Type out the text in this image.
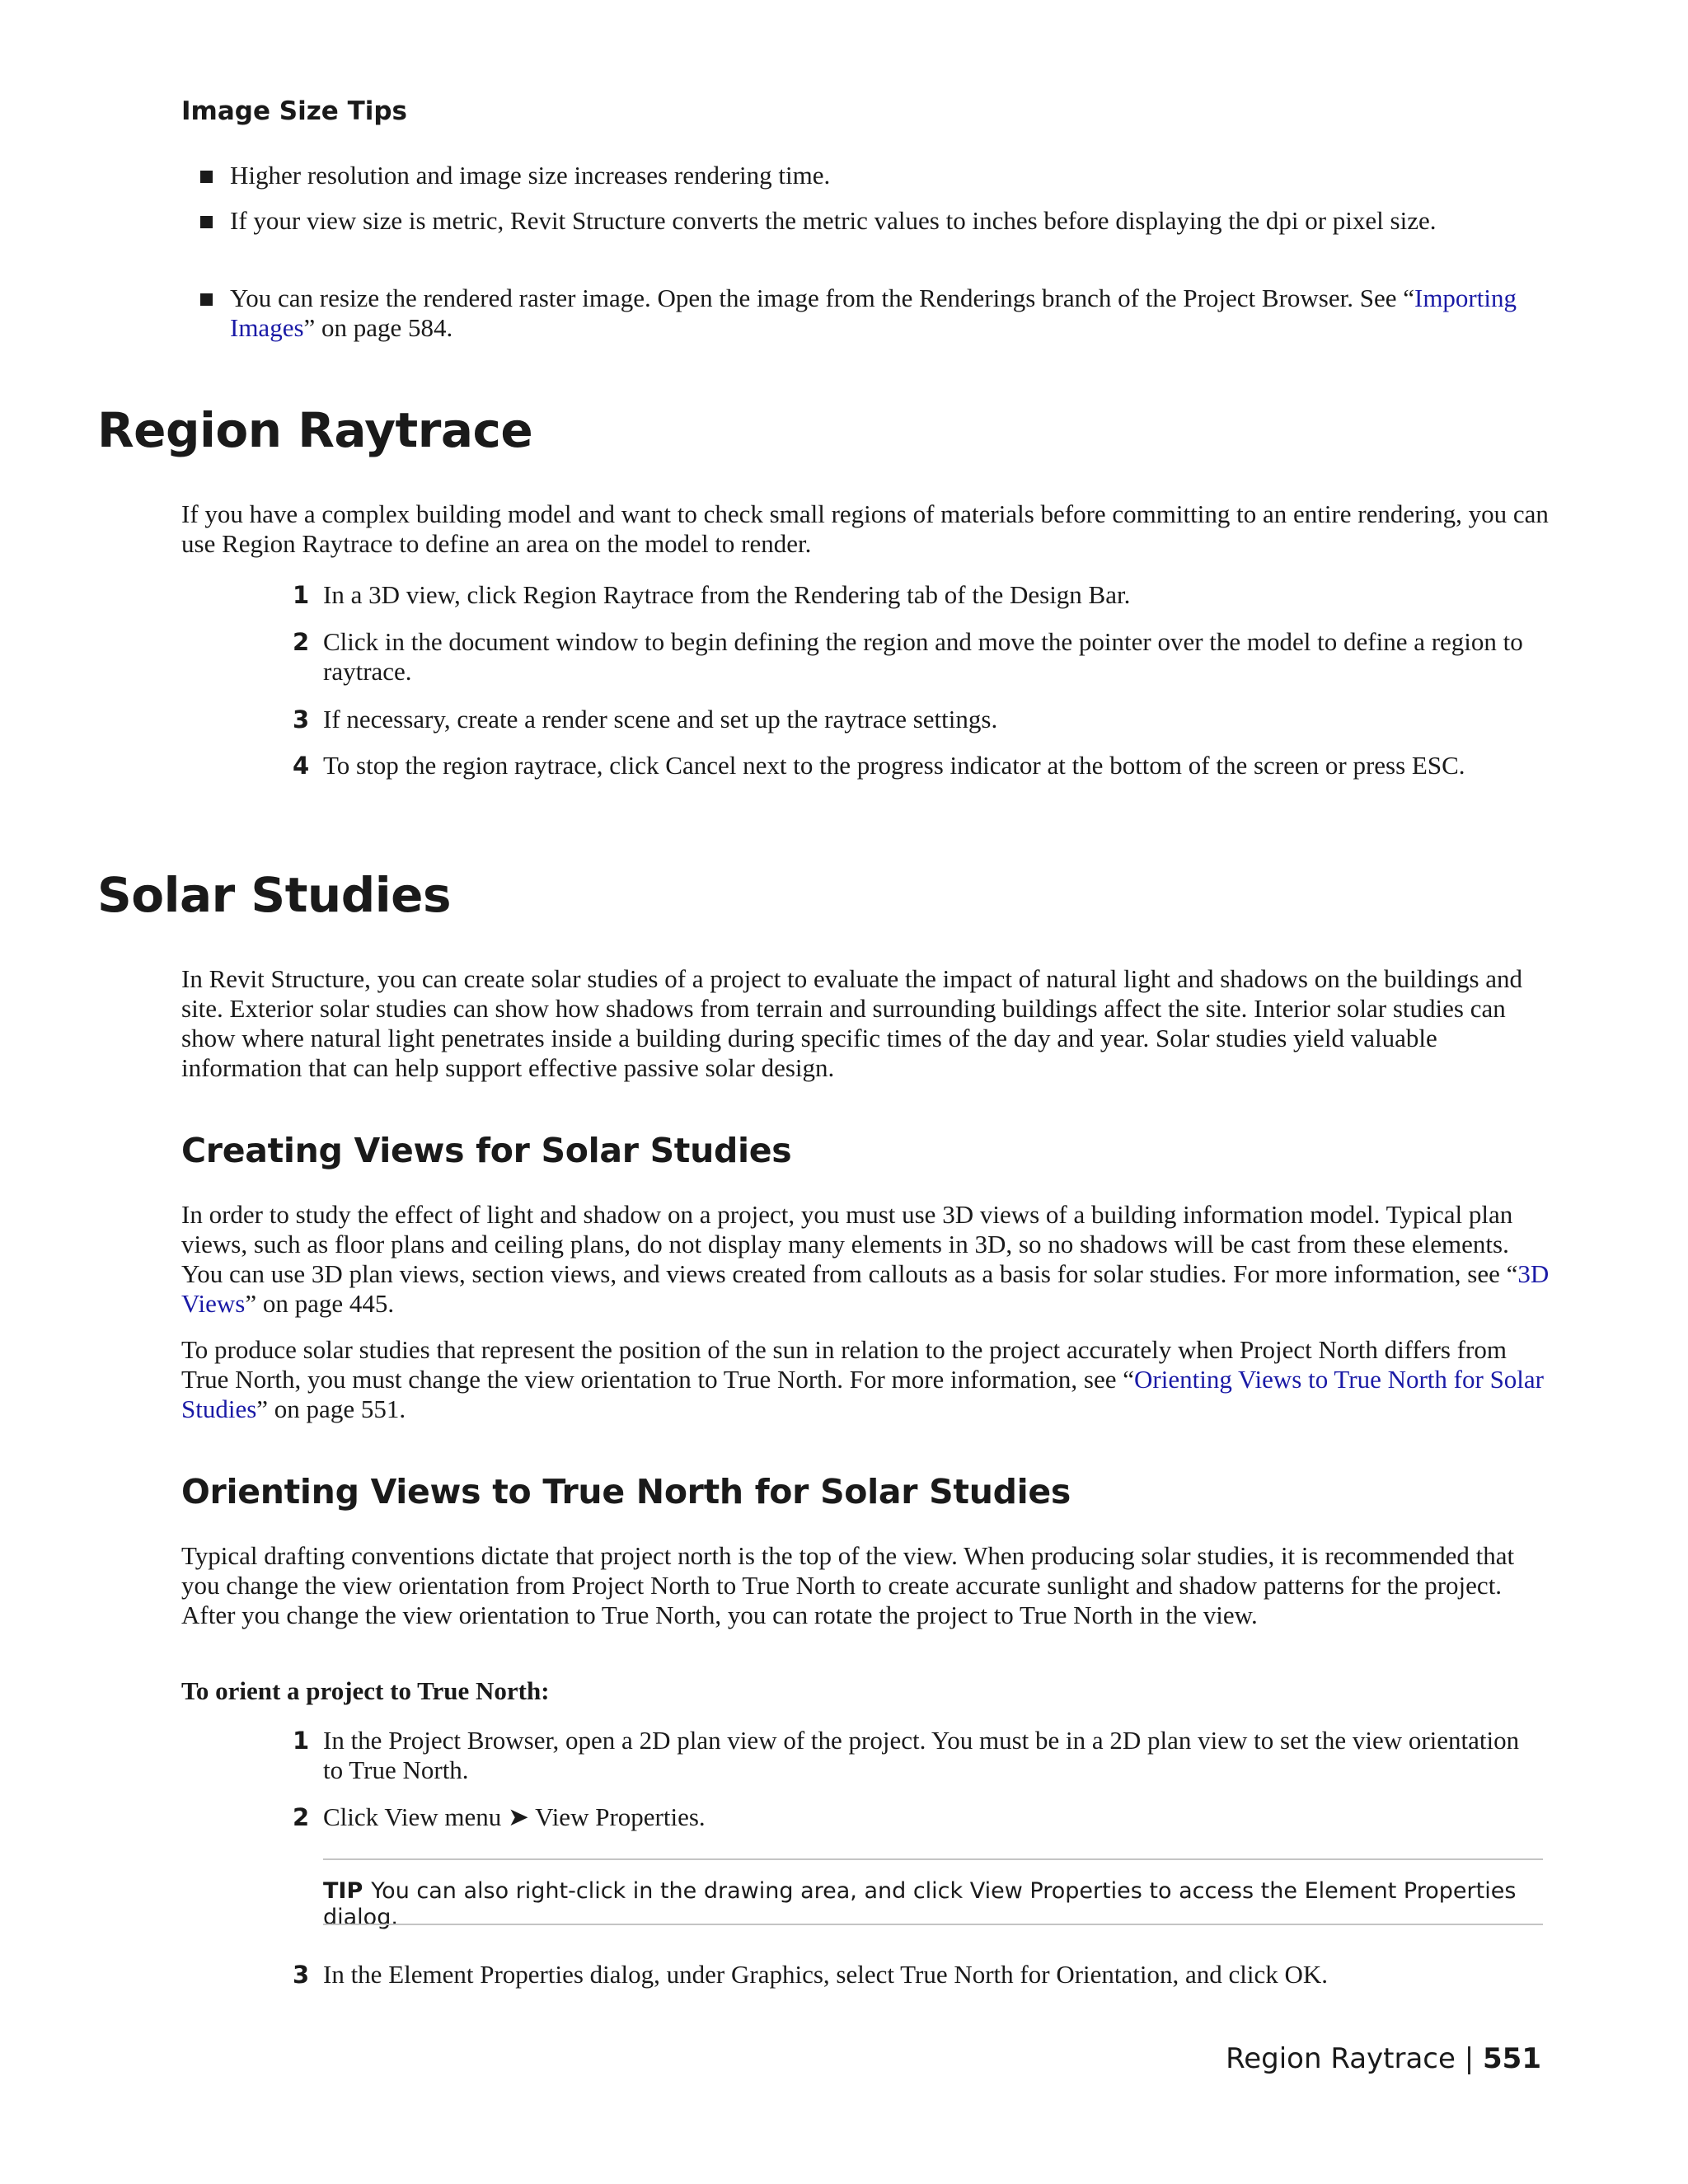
Image Size Tips
Higher resolution and image size increases rendering time.
If your view size is metric, Revit Structure converts the metric values to inches before displaying the dpi or pixel size.
You can resize the rendered raster image. Open the image from the Renderings branch of the Project Browser. See “Importing Images” on page 584.
Region Raytrace
If you have a complex building model and want to check small regions of materials before committing to an entire rendering, you can use Region Raytrace to define an area on the model to render.
1 In a 3D view, click Region Raytrace from the Rendering tab of the Design Bar.
2 Click in the document window to begin defining the region and move the pointer over the model to define a region to raytrace.
3 If necessary, create a render scene and set up the raytrace settings.
4 To stop the region raytrace, click Cancel next to the progress indicator at the bottom of the screen or press ESC.
Solar Studies
In Revit Structure, you can create solar studies of a project to evaluate the impact of natural light and shadows on the buildings and site. Exterior solar studies can show how shadows from terrain and surrounding buildings affect the site. Interior solar studies can show where natural light penetrates inside a building during specific times of the day and year. Solar studies yield valuable information that can help support effective passive solar design.
Creating Views for Solar Studies
In order to study the effect of light and shadow on a project, you must use 3D views of a building information model. Typical plan views, such as floor plans and ceiling plans, do not display many elements in 3D, so no shadows will be cast from these elements. You can use 3D plan views, section views, and views created from callouts as a basis for solar studies. For more information, see “3D Views” on page 445.
To produce solar studies that represent the position of the sun in relation to the project accurately when Project North differs from True North, you must change the view orientation to True North. For more information, see “Orienting Views to True North for Solar Studies” on page 551.
Orienting Views to True North for Solar Studies
Typical drafting conventions dictate that project north is the top of the view. When producing solar studies, it is recommended that you change the view orientation from Project North to True North to create accurate sunlight and shadow patterns for the project. After you change the view orientation to True North, you can rotate the project to True North in the view.
To orient a project to True North:
1 In the Project Browser, open a 2D plan view of the project. You must be in a 2D plan view to set the view orientation to True North.
2 Click View menu ➤ View Properties.
TIP You can also right-click in the drawing area, and click View Properties to access the Element Properties dialog.
3 In the Element Properties dialog, under Graphics, select True North for Orientation, and click OK.
Region Raytrace | 551
